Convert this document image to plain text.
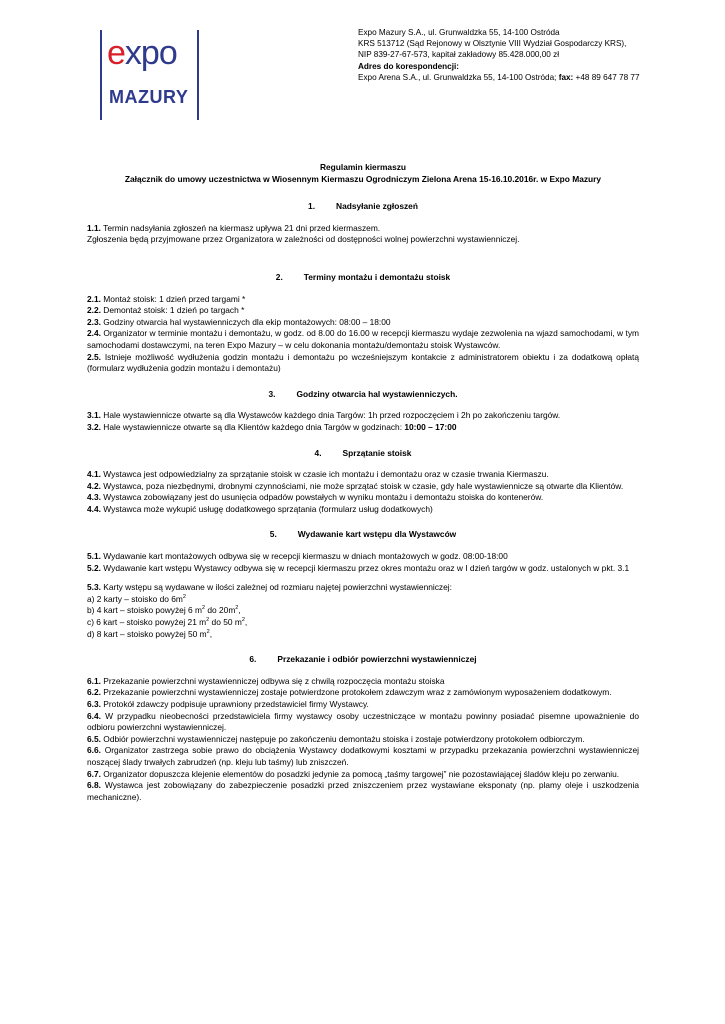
expo
MAZURY
Expo Mazury S.A., ul. Grunwaldzka 55, 14-100 Ostróda
KRS 513712 (Sąd Rejonowy w Olsztynie VIII Wydział Gospodarczy KRS),
NIP 839-27-67-573, kapitał zakładowy 85.428.000,00 zł
Adres do korespondencji:
Expo Arena S.A., ul. Grunwaldzka 55, 14-100 Ostróda; fax: +48 89 647 78 77
Regulamin kiermaszu
Załącznik do umowy uczestnictwa w Wiosennym Kiermaszu Ogrodniczym Zielona Arena 15-16.10.2016r. w Expo Mazury
1.	Nadsyłanie zgłoszeń

1.1. Termin nadsyłania zgłoszeń na kiermasz upływa 21 dni przed kiermaszem.

Zgłoszenia będą przyjmowane przez Organizatora w zależności od dostępności wolnej powierzchni wystawienniczej.

2.	Terminy montażu i demontażu stoisk

2.1. Montaż stoisk: 1 dzień przed targami *

2.2. Demontaż stoisk: 1 dzień po targach *

2.3. Godziny otwarcia hal wystawienniczych dla ekip montażowych: 08:00 – 18:00

2.4. Organizator w terminie montażu i demontażu, w godz. od 8.00 do 16.00 w recepcji kiermaszu wydaje zezwolenia na wjazd samochodami, w tym samochodami dostawczymi, na teren Expo Mazury – w celu dokonania montażu/demontażu stoisk Wystawców.

2.5. Istnieje możliwość wydłużenia godzin montażu i demontażu po wcześniejszym kontakcie z administratorem obiektu i za dodatkową opłatą (formularz wydłużenia godzin montażu i demontażu)

3.	Godziny otwarcia hal wystawienniczych.

3.1. Hale wystawiennicze otwarte są dla Wystawców każdego dnia Targów: 1h przed rozpoczęciem i 2h po zakończeniu targów.

3.2. Hale wystawiennicze otwarte są dla Klientów każdego dnia Targów w godzinach: 10:00 – 17:00

4.	Sprzątanie stoisk

4.1. Wystawca jest odpowiedzialny za sprzątanie stoisk w czasie ich montażu i demontażu oraz w czasie trwania Kiermaszu.

4.2. Wystawca, poza niezbędnymi, drobnymi czynnościami, nie może sprzątać stoisk w czasie, gdy hale wystawiennicze są otwarte dla Klientów.

4.3. Wystawca zobowiązany jest do usunięcia odpadów powstałych w wyniku montażu i demontażu stoiska do kontenerów.

4.4. Wystawca może wykupić usługę dodatkowego sprzątania (formularz usług dodatkowych)

5.	Wydawanie kart wstępu dla Wystawców

5.1. Wydawanie kart montażowych odbywa się w recepcji kiermaszu w dniach montażowych w godz. 08:00-18:00

5.2. Wydawanie kart wstępu Wystawcy odbywa się w recepcji kiermaszu przez okres montażu oraz w I dzień targów w godz. ustalonych w pkt. 3.1

5.3. Karty wstępu są wydawane w ilości zależnej od rozmiaru najętej powierzchni wystawienniczej:

a) 2 karty – stoisko do $6m^2$

b) 4 kart – stoisko powyżej 6 $m^2$ do $20m^2$,

c) 6 kart – stoisko powyżej 21 $m^2$ do 50 $m^2$,

d) 8 kart – stoisko powyżej 50 $m^2$,

6.	Przekazanie i odbiór powierzchni wystawienniczej

6.1. Przekazanie powierzchni wystawienniczej odbywa się z chwilą rozpoczęcia montażu stoiska

6.2. Przekazanie powierzchni wystawienniczej zostaje potwierdzone protokołem zdawczym wraz z zamówionym wyposażeniem dodatkowym.

6.3. Protokół zdawczy podpisuje uprawniony przedstawiciel firmy Wystawcy.

6.4. W przypadku nieobecności przedstawiciela firmy wystawcy osoby uczestniczące w montażu powinny posiadać pisemne upoważnienie do odbioru powierzchni wystawienniczej.

6.5. Odbiór powierzchni wystawienniczej następuje po zakończeniu demontażu stoiska i zostaje potwierdzony protokołem odbiorczym.

6.6. Organizator zastrzega sobie prawo do obciążenia Wystawcy dodatkowymi kosztami w przypadku przekazania powierzchni wystawienniczej noszącej ślady trwałych zabrudzeń (np. kleju lub taśmy) lub zniszczeń.

6.7. Organizator dopuszcza klejenie elementów do posadzki jedynie za pomocą „taśmy targowej” nie pozostawiającej śladów kleju po zerwaniu.

6.8. Wystawca jest zobowiązany do zabezpieczenie posadzki przed zniszczeniem przez wystawiane eksponaty (np. plamy oleje i uszkodzenia mechaniczne).
